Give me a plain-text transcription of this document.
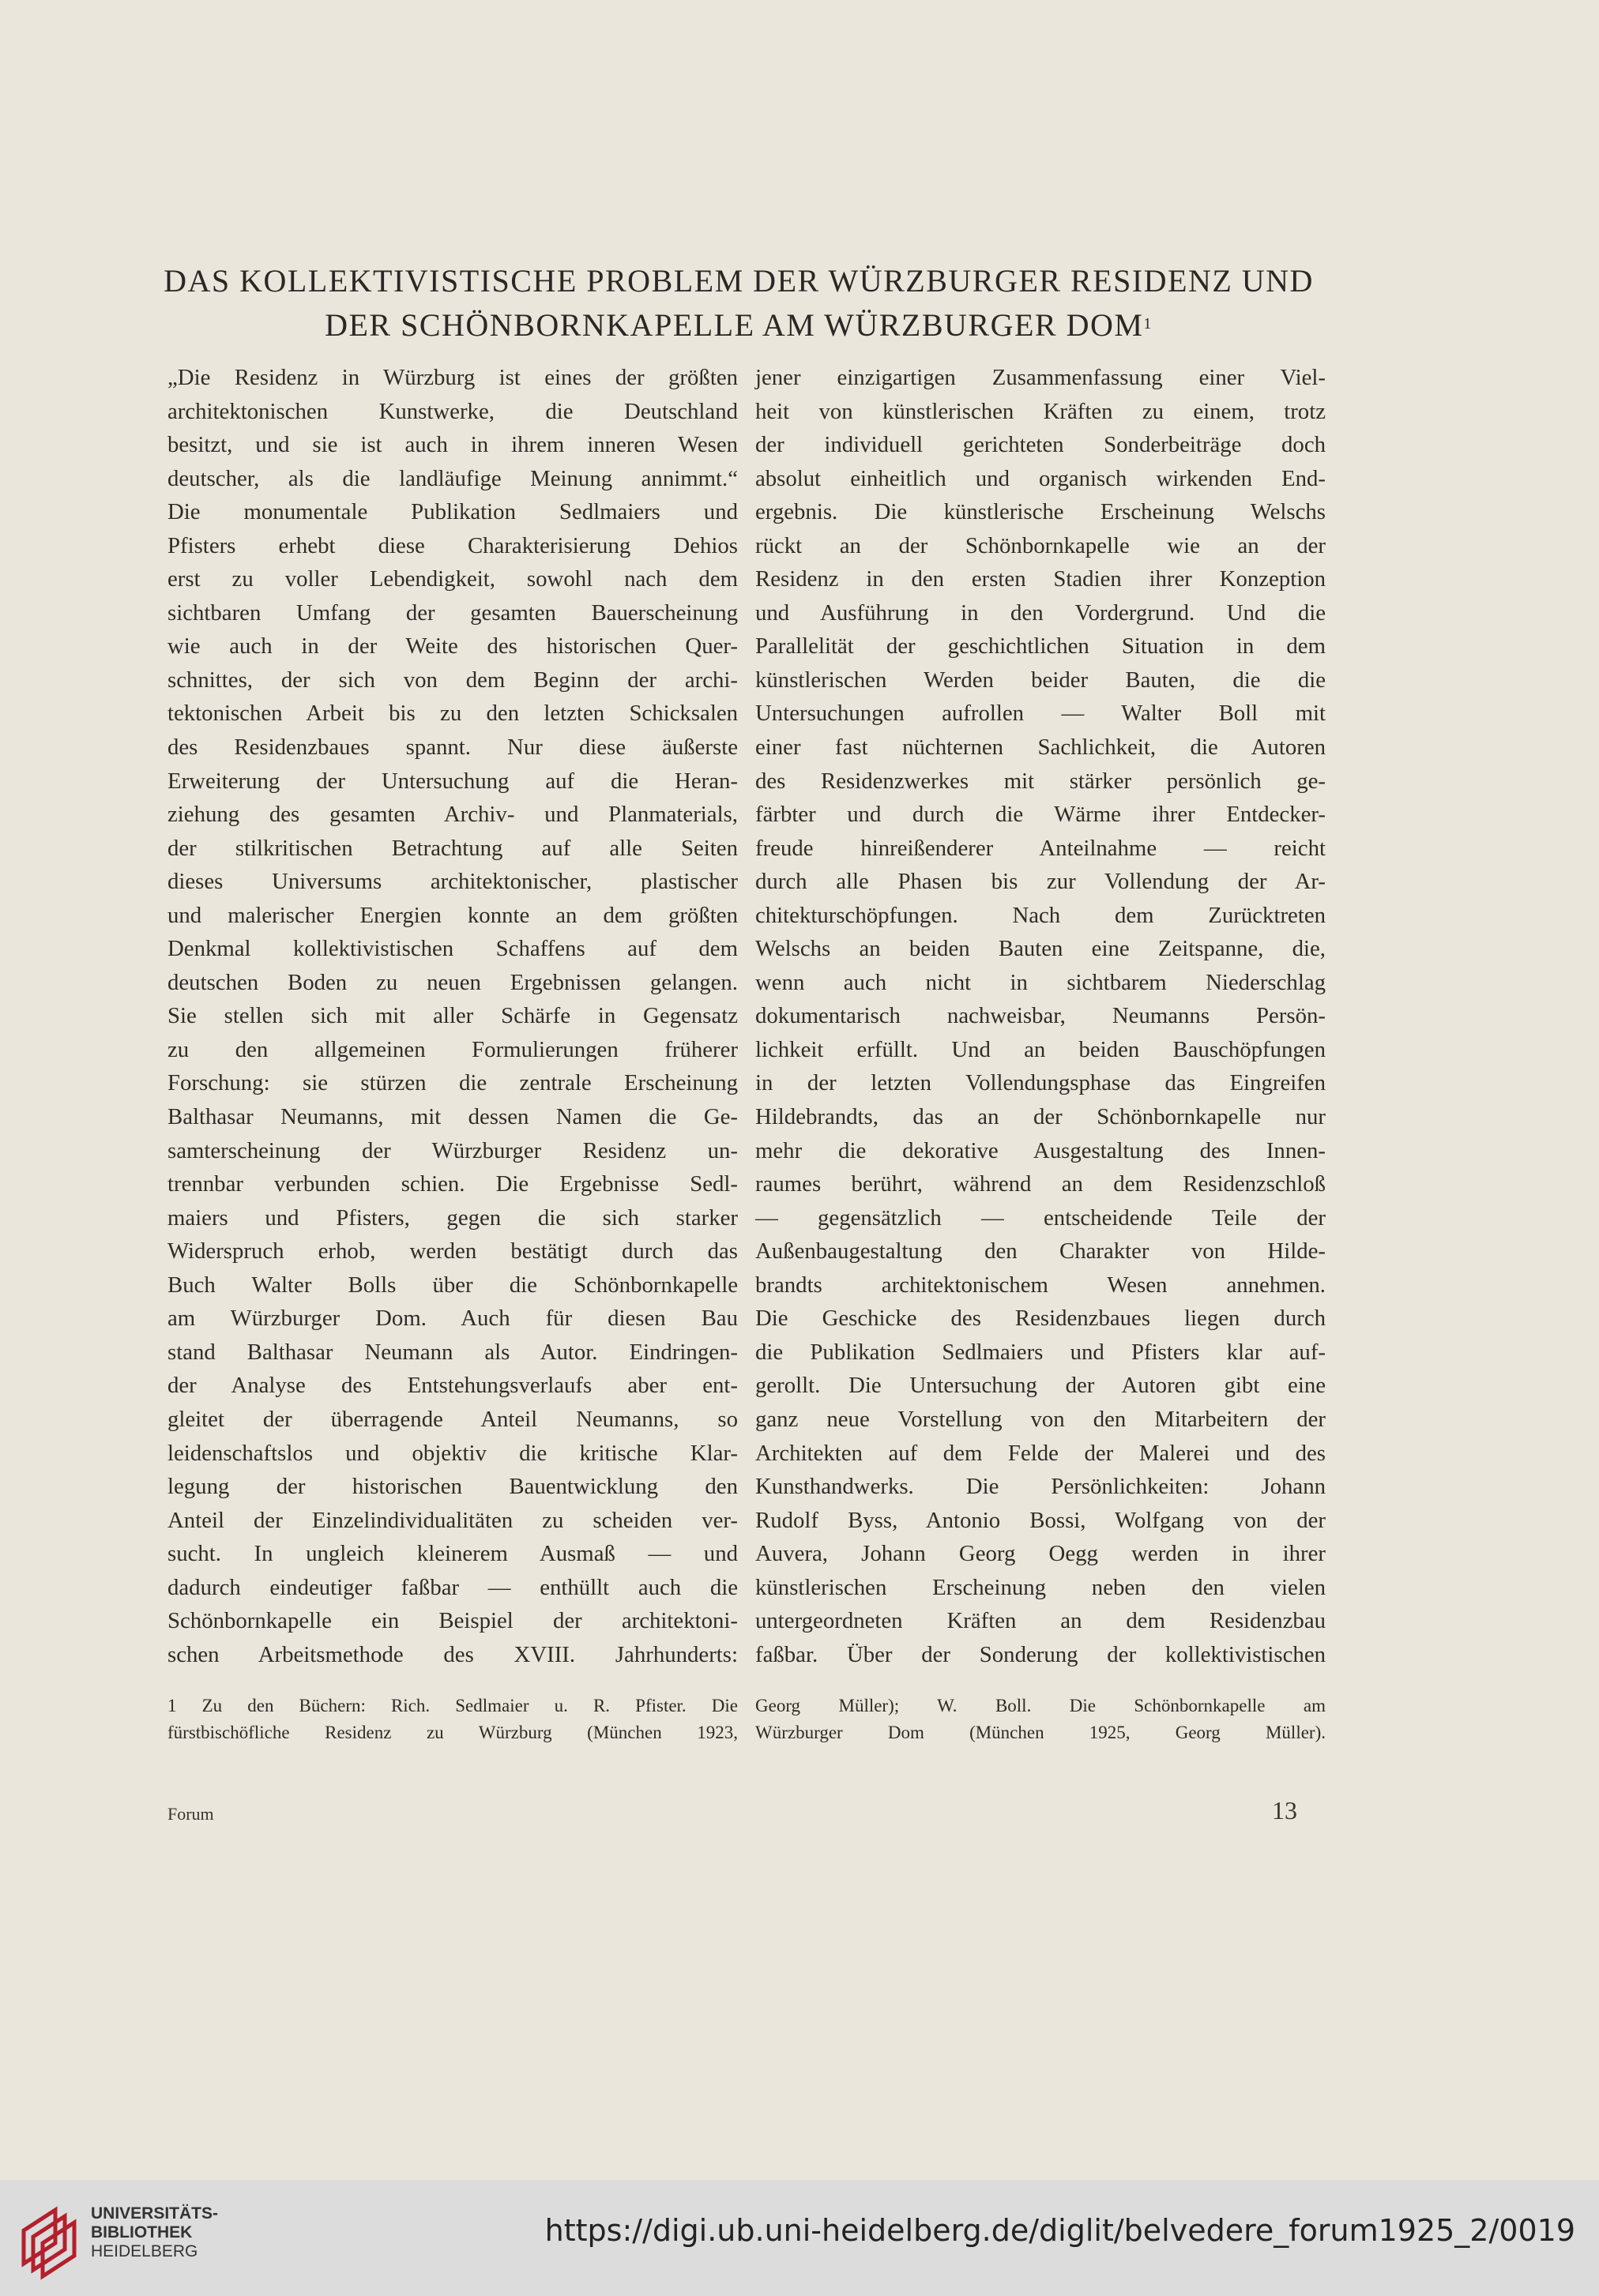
DAS KOLLEKTIVISTISCHE PROBLEM DER WÜRZBURGER RESIDENZ UND
DER SCHÖNBORNKAPELLE AM WÜRZBURGER DOM$^1$
„Die Residenz in Würzburg ist eines der größten
architektonischen Kunstwerke, die Deutschland
besitzt, und sie ist auch in ihrem inneren Wesen
deutscher, als die landläufige Meinung annimmt.“
Die monumentale Publikation Sedlmaiers und
Pfisters erhebt diese Charakterisierung Dehios
erst zu voller Lebendigkeit, sowohl nach dem
sichtbaren Umfang der gesamten Bauerscheinung
wie auch in der Weite des historischen Quer-
schnittes, der sich von dem Beginn der archi-
tektonischen Arbeit bis zu den letzten Schicksalen
des Residenzbaues spannt. Nur diese äußerste
Erweiterung der Untersuchung auf die Heran-
ziehung des gesamten Archiv- und Planmaterials,
der stilkritischen Betrachtung auf alle Seiten
dieses Universums architektonischer, plastischer
und malerischer Energien konnte an dem größten
Denkmal kollektivistischen Schaffens auf dem
deutschen Boden zu neuen Ergebnissen gelangen.
Sie stellen sich mit aller Schärfe in Gegensatz
zu den allgemeinen Formulierungen früherer
Forschung: sie stürzen die zentrale Erscheinung
Balthasar Neumanns, mit dessen Namen die Ge-
samterscheinung der Würzburger Residenz un-
trennbar verbunden schien. Die Ergebnisse Sedl-
maiers und Pfisters, gegen die sich starker
Widerspruch erhob, werden bestätigt durch das
Buch Walter Bolls über die Schönbornkapelle
am Würzburger Dom. Auch für diesen Bau
stand Balthasar Neumann als Autor. Eindringen-
der Analyse des Entstehungsverlaufs aber ent-
gleitet der überragende Anteil Neumanns, so
leidenschaftslos und objektiv die kritische Klar-
legung der historischen Bauentwicklung den
Anteil der Einzelindividualitäten zu scheiden ver-
sucht. In ungleich kleinerem Ausmaß — und
dadurch eindeutiger faßbar — enthüllt auch die
Schönbornkapelle ein Beispiel der architektoni-
schen Arbeitsmethode des XVIII. Jahrhunderts:
jener einzigartigen Zusammenfassung einer Viel-
heit von künstlerischen Kräften zu einem, trotz
der individuell gerichteten Sonderbeiträge doch
absolut einheitlich und organisch wirkenden End-
ergebnis. Die künstlerische Erscheinung Welschs
rückt an der Schönbornkapelle wie an der
Residenz in den ersten Stadien ihrer Konzeption
und Ausführung in den Vordergrund. Und die
Parallelität der geschichtlichen Situation in dem
künstlerischen Werden beider Bauten, die die
Untersuchungen aufrollen — Walter Boll mit
einer fast nüchternen Sachlichkeit, die Autoren
des Residenzwerkes mit stärker persönlich ge-
färbter und durch die Wärme ihrer Entdecker-
freude hinreißenderer Anteilnahme — reicht
durch alle Phasen bis zur Vollendung der Ar-
chitekturschöpfungen. Nach dem Zurücktreten
Welschs an beiden Bauten eine Zeitspanne, die,
wenn auch nicht in sichtbarem Niederschlag
dokumentarisch nachweisbar, Neumanns Persön-
lichkeit erfüllt. Und an beiden Bauschöpfungen
in der letzten Vollendungsphase das Eingreifen
Hildebrandts, das an der Schönbornkapelle nur
mehr die dekorative Ausgestaltung des Innen-
raumes berührt, während an dem Residenzschloß
— gegensätzlich — entscheidende Teile der
Außenbaugestaltung den Charakter von Hilde-
brandts architektonischem Wesen annehmen.
Die Geschicke des Residenzbaues liegen durch
die Publikation Sedlmaiers und Pfisters klar auf-
gerollt. Die Untersuchung der Autoren gibt eine
ganz neue Vorstellung von den Mitarbeitern der
Architekten auf dem Felde der Malerei und des
Kunsthandwerks. Die Persönlichkeiten: Johann
Rudolf Byss, Antonio Bossi, Wolfgang von der
Auvera, Johann Georg Oegg werden in ihrer
künstlerischen Erscheinung neben den vielen
untergeordneten Kräften an dem Residenzbau
faßbar. Über der Sonderung der kollektivistischen
1 Zu den Büchern: Rich. Sedlmaier u. R. Pfister. Die
fürstbischöfliche Residenz zu Würzburg (München 1923,
Georg Müller); W. Boll. Die Schönbornkapelle am
Würzburger Dom (München 1925, Georg Müller).
Forum	13
UNIVERSITÄTS-
BIBLIOTHEK
HEIDELBERG
https://digi.ub.uni-heidelberg.de/diglit/belvedere_forum1925_2/0019
